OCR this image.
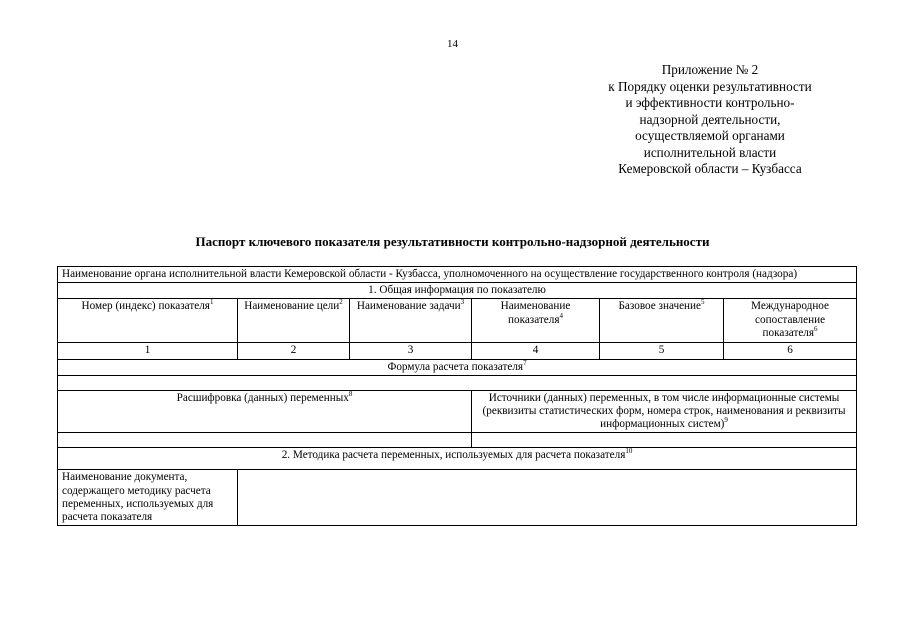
14
Приложение № 2
к Порядку оценки результативности
и эффективности контрольно-
надзорной деятельности,
осуществляемой органами
исполнительной власти
Кемеровской области – Кузбасса
Паспорт ключевого показателя результативности контрольно-надзорной деятельности
Наименование органа исполнительной власти Кемеровской области - Кузбасса, уполномоченного на осуществление государственного контроля (надзора)					
1. Общая информация по показателю					
Номер (индекс) показателя$^1$	Наименование цели$^2$	Наименование задачи$^3$	Наименование показателя$^4$	Базовое значение$^5$	Международное сопоставление показателя$^6$
1	2	3	4	5	6
Формула расчета показателя$^7$

Расшифровка (данных) переменных$^8$			Источники (данных) переменных, в том числе информационные системы (реквизиты статистических форм, номера строк, наименования и реквизиты информационных систем)$^9$

2. Методика расчета переменных, используемых для расчета показателя$^{10}$
Наименование документа, содержащего методику расчета переменных, используемых для расчета показателя					
